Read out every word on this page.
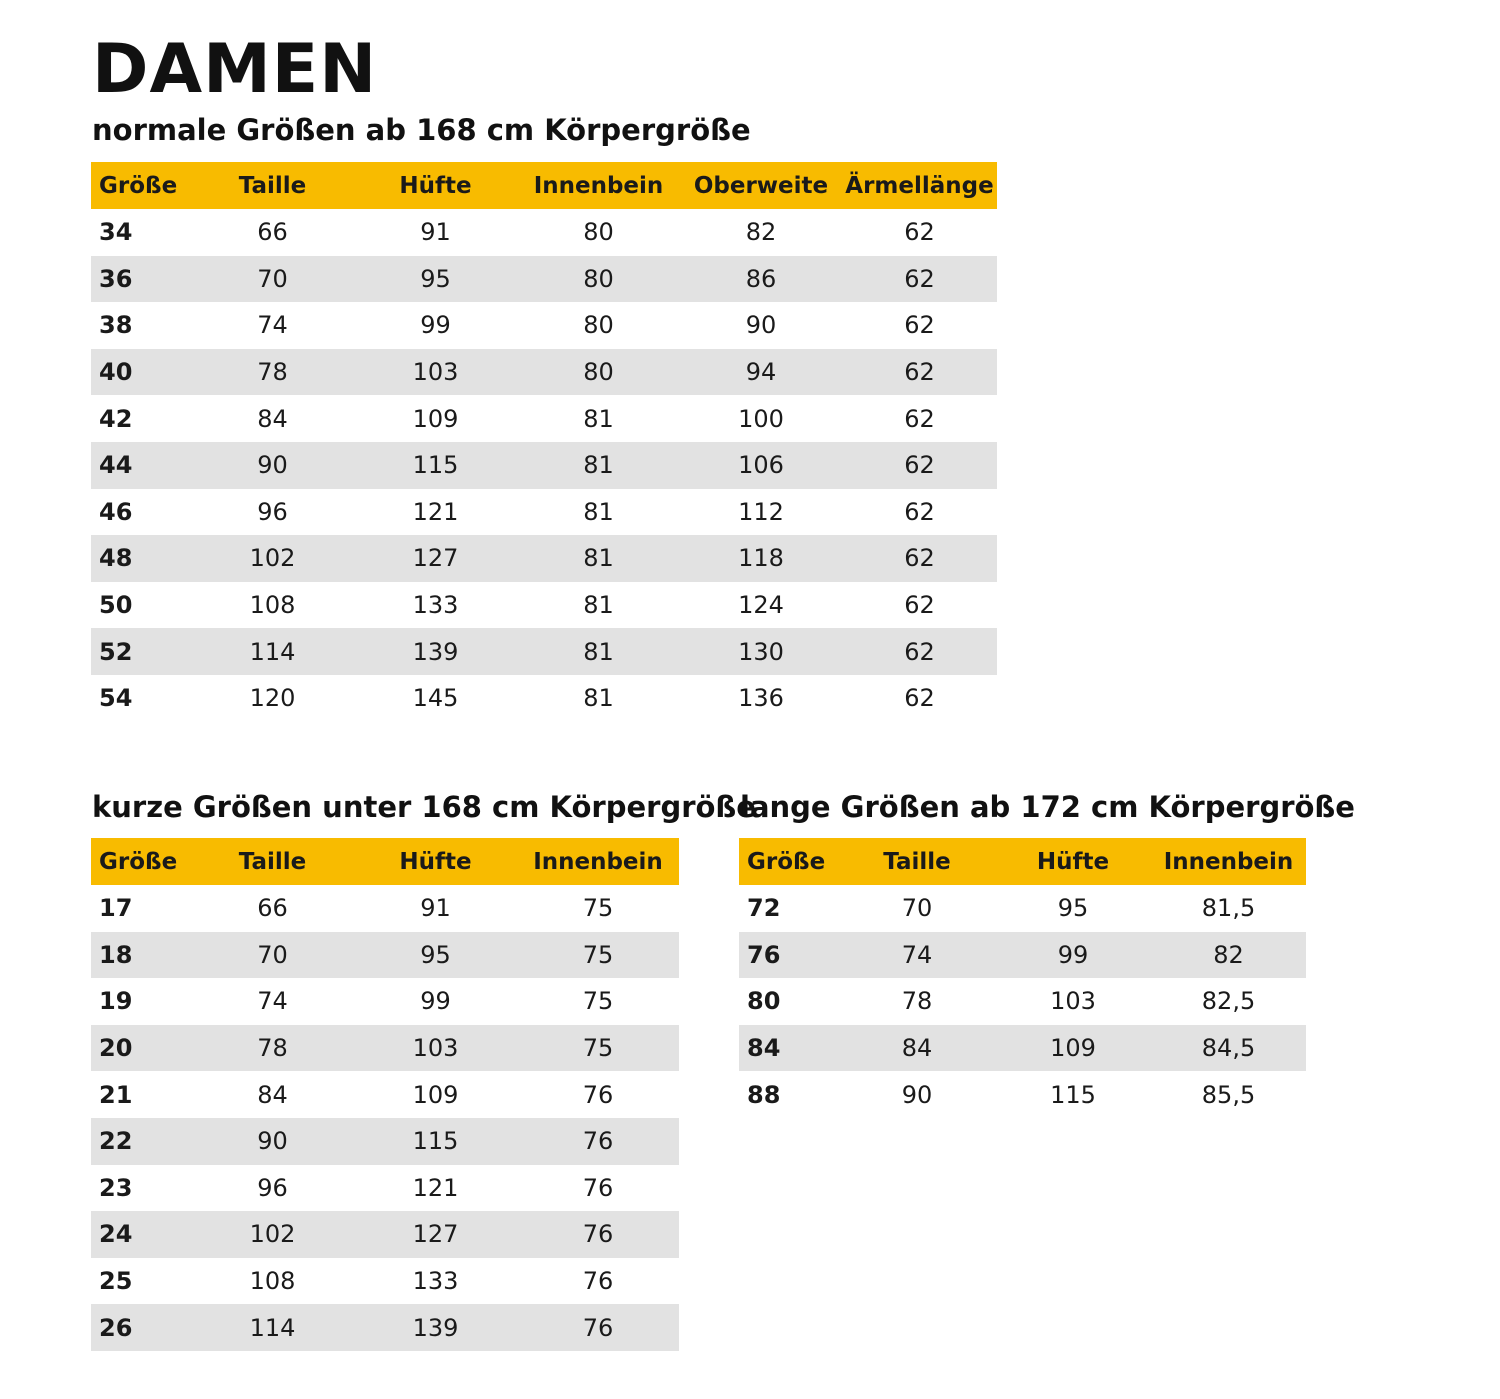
DAMEN
normale Größen ab 168 cm Körpergröße
Größe	Taille	Hüfte	Innenbein	Oberweite	Ärmellänge
34	66	91	80	82	62
36	70	95	80	86	62
38	74	99	80	90	62
40	78	103	80	94	62
42	84	109	81	100	62
44	90	115	81	106	62
46	96	121	81	112	62
48	102	127	81	118	62
50	108	133	81	124	62
52	114	139	81	130	62
54	120	145	81	136	62
kurze Größen unter 168 cm Körpergröße
Größe	Taille	Hüfte	Innenbein
17	66	91	75
18	70	95	75
19	74	99	75
20	78	103	75
21	84	109	76
22	90	115	76
23	96	121	76
24	102	127	76
25	108	133	76
26	114	139	76
lange Größen ab 172 cm Körpergröße
Größe	Taille	Hüfte	Innenbein
72	70	95	81,5
76	74	99	82
80	78	103	82,5
84	84	109	84,5
88	90	115	85,5
